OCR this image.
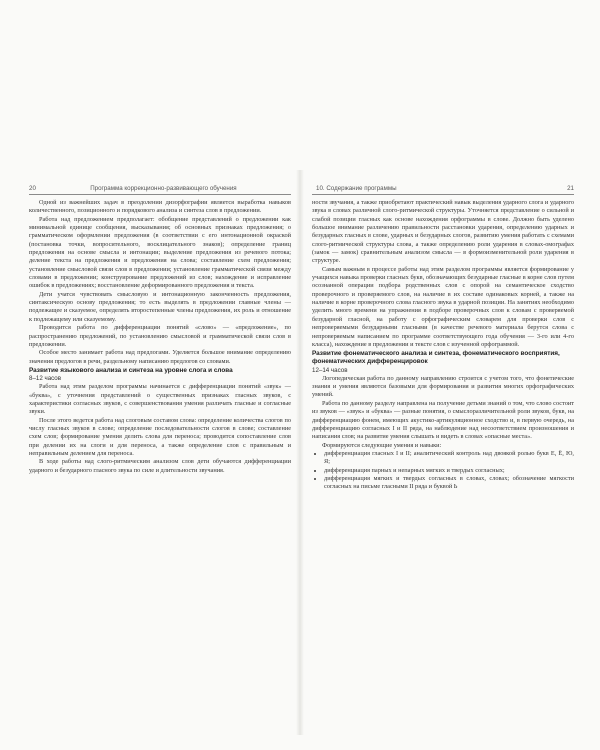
20	Программа коррекционно-развивающего обучения

Одной из важнейших задач в преодолении дизорфографии является выработка навыков количественного, позиционного и порядкового анализа и синтеза слов в предложении.

Работа над предложением предполагает: обобщение представлений о предложении как минимальной единице сообщения, высказывания; об основных признаках предложения; о грамматическом оформлении предложения (в соответствии с его интонационной окраской (постановка точки, вопросительного, восклицательного знаков); определение границ предложения на основе смысла и интонации; выделение предложения из речевого потока; деление текста на предложения и предложения на слова; составление схем предложения; установление смысловой связи слов в предложении; установление грамматической связи между словами в предложении; конструирование предложений из слов; нахождение и исправление ошибок в предложениях; восстановление деформированного предложения и текста.

Дети учатся чувствовать смысловую и интонационную законченность предложения, синтаксическую основу предложения; то есть выделять в предложении главные члены — подлежащее и сказуемое, определять второстепенные члены предложения, их роль и отношение к подлежащему или сказуемому.

Проводится работа по дифференциации понятий «слово» — «предложение», по распространению предложений, по установлению смысловой и грамматической связи слов в предложении.

Особое место занимает работа над предлогами. Уделяется большое внимание определению значения предлогов в речи, раздельному написанию предлогов со словами.

Развитие языкового анализа и синтеза на уровне слога и слова
8–12 часов

Работа над этим разделом программы начинается с дифференциации понятий «звук» — «буква», с уточнения представлений о существенных признаках гласных звуков, с характеристики согласных звуков, с совершенствования умения различать гласные и согласные звуки.

После этого ведется работа над слоговым составом слова: определение количества слогов по числу гласных звуков в слове; определение последовательности слогов в слове; составление схем слов; формирование умения делить слова для переноса; проводится сопоставление слов при делении их на слоги и для переноса, а также определение слов с правильным и неправильным делением для переноса.

В ходе работы над слого-ритмическим анализом слов дети обучаются дифференциации ударного и безударного гласного звука по силе и длительности звучания.

10. Содержание программы	21

ности звучания, а также приобретают практический навык выделения ударного слога и ударного звука в словах различной слого-ритмической структуры. Уточняется представление о сильной и слабой позиции гласных как основе нахождения орфограммы в слове. Должно быть уделено большое внимание различению правильности расстановки ударения, определению ударных и безударных гласных в слове, ударных и безударных слогов, развитию умения работать с схемами слого-ритмической структуры слова, а также определению роли ударения в словах-омографах (замок — замок) сравнительным анализом смысла — в формоизменительной роли ударения в структуре.

Самым важным в процессе работы над этим разделом программы является формирование у учащихся навыка проверки гласных букв, обозначающих безударные гласные в корне слов путем осознанной операции подбора родственных слов с опорой на семантическое сходство проверочного и проверяемого слов, на наличие в их составе одинаковых корней, а также на наличие в корне проверочного слова гласного звука в ударной позиции. На занятиях необходимо уделить много времени на упражнения в подборе проверочных слов к словам с проверяемой безударной гласной, на работу с орфографическим словарем для проверки слов с непроверяемыми безударными гласными (в качестве речевого материала берутся слова с непроверяемым написанием по программе соответствующего года обучения — 3-го или 4-го класса), нахождение в предложении и тексте слов с изученной орфограммой.

Развитие фонематического анализа и синтеза, фонематического восприятия, фонематических дифференцировок
12–14 часов

Логопедическая работа по данному направлению строится с учетом того, что фонетические знания и умения являются базовыми для формирования и развития многих орфографических умений.

Работа по данному разделу направлена на получение детьми знаний о том, что слово состоит из звуков — «звук» и «буква» — разные понятия, о смыслоразличительной роли звуков, букв, на дифференциацию фонем, имеющих акустико-артикуляционное сходство и, в первую очередь, на дифференциацию согласных I и II ряда, на наблюдение над несоответствием произношения и написания слов; на развитие умения слышать и видеть в словах «опасные места».

Формируются следующие умения и навыки:

• дифференциация гласных I и II; аналитический контроль над двоякой ролью букв Е, Ё, Ю, Я;
• дифференциация парных и непарных мягких и твердых согласных;
• дифференциация мягких и твердых согласных в словах, словах; обозначение мягкости согласных на письме гласными II ряда и буквой Ь
